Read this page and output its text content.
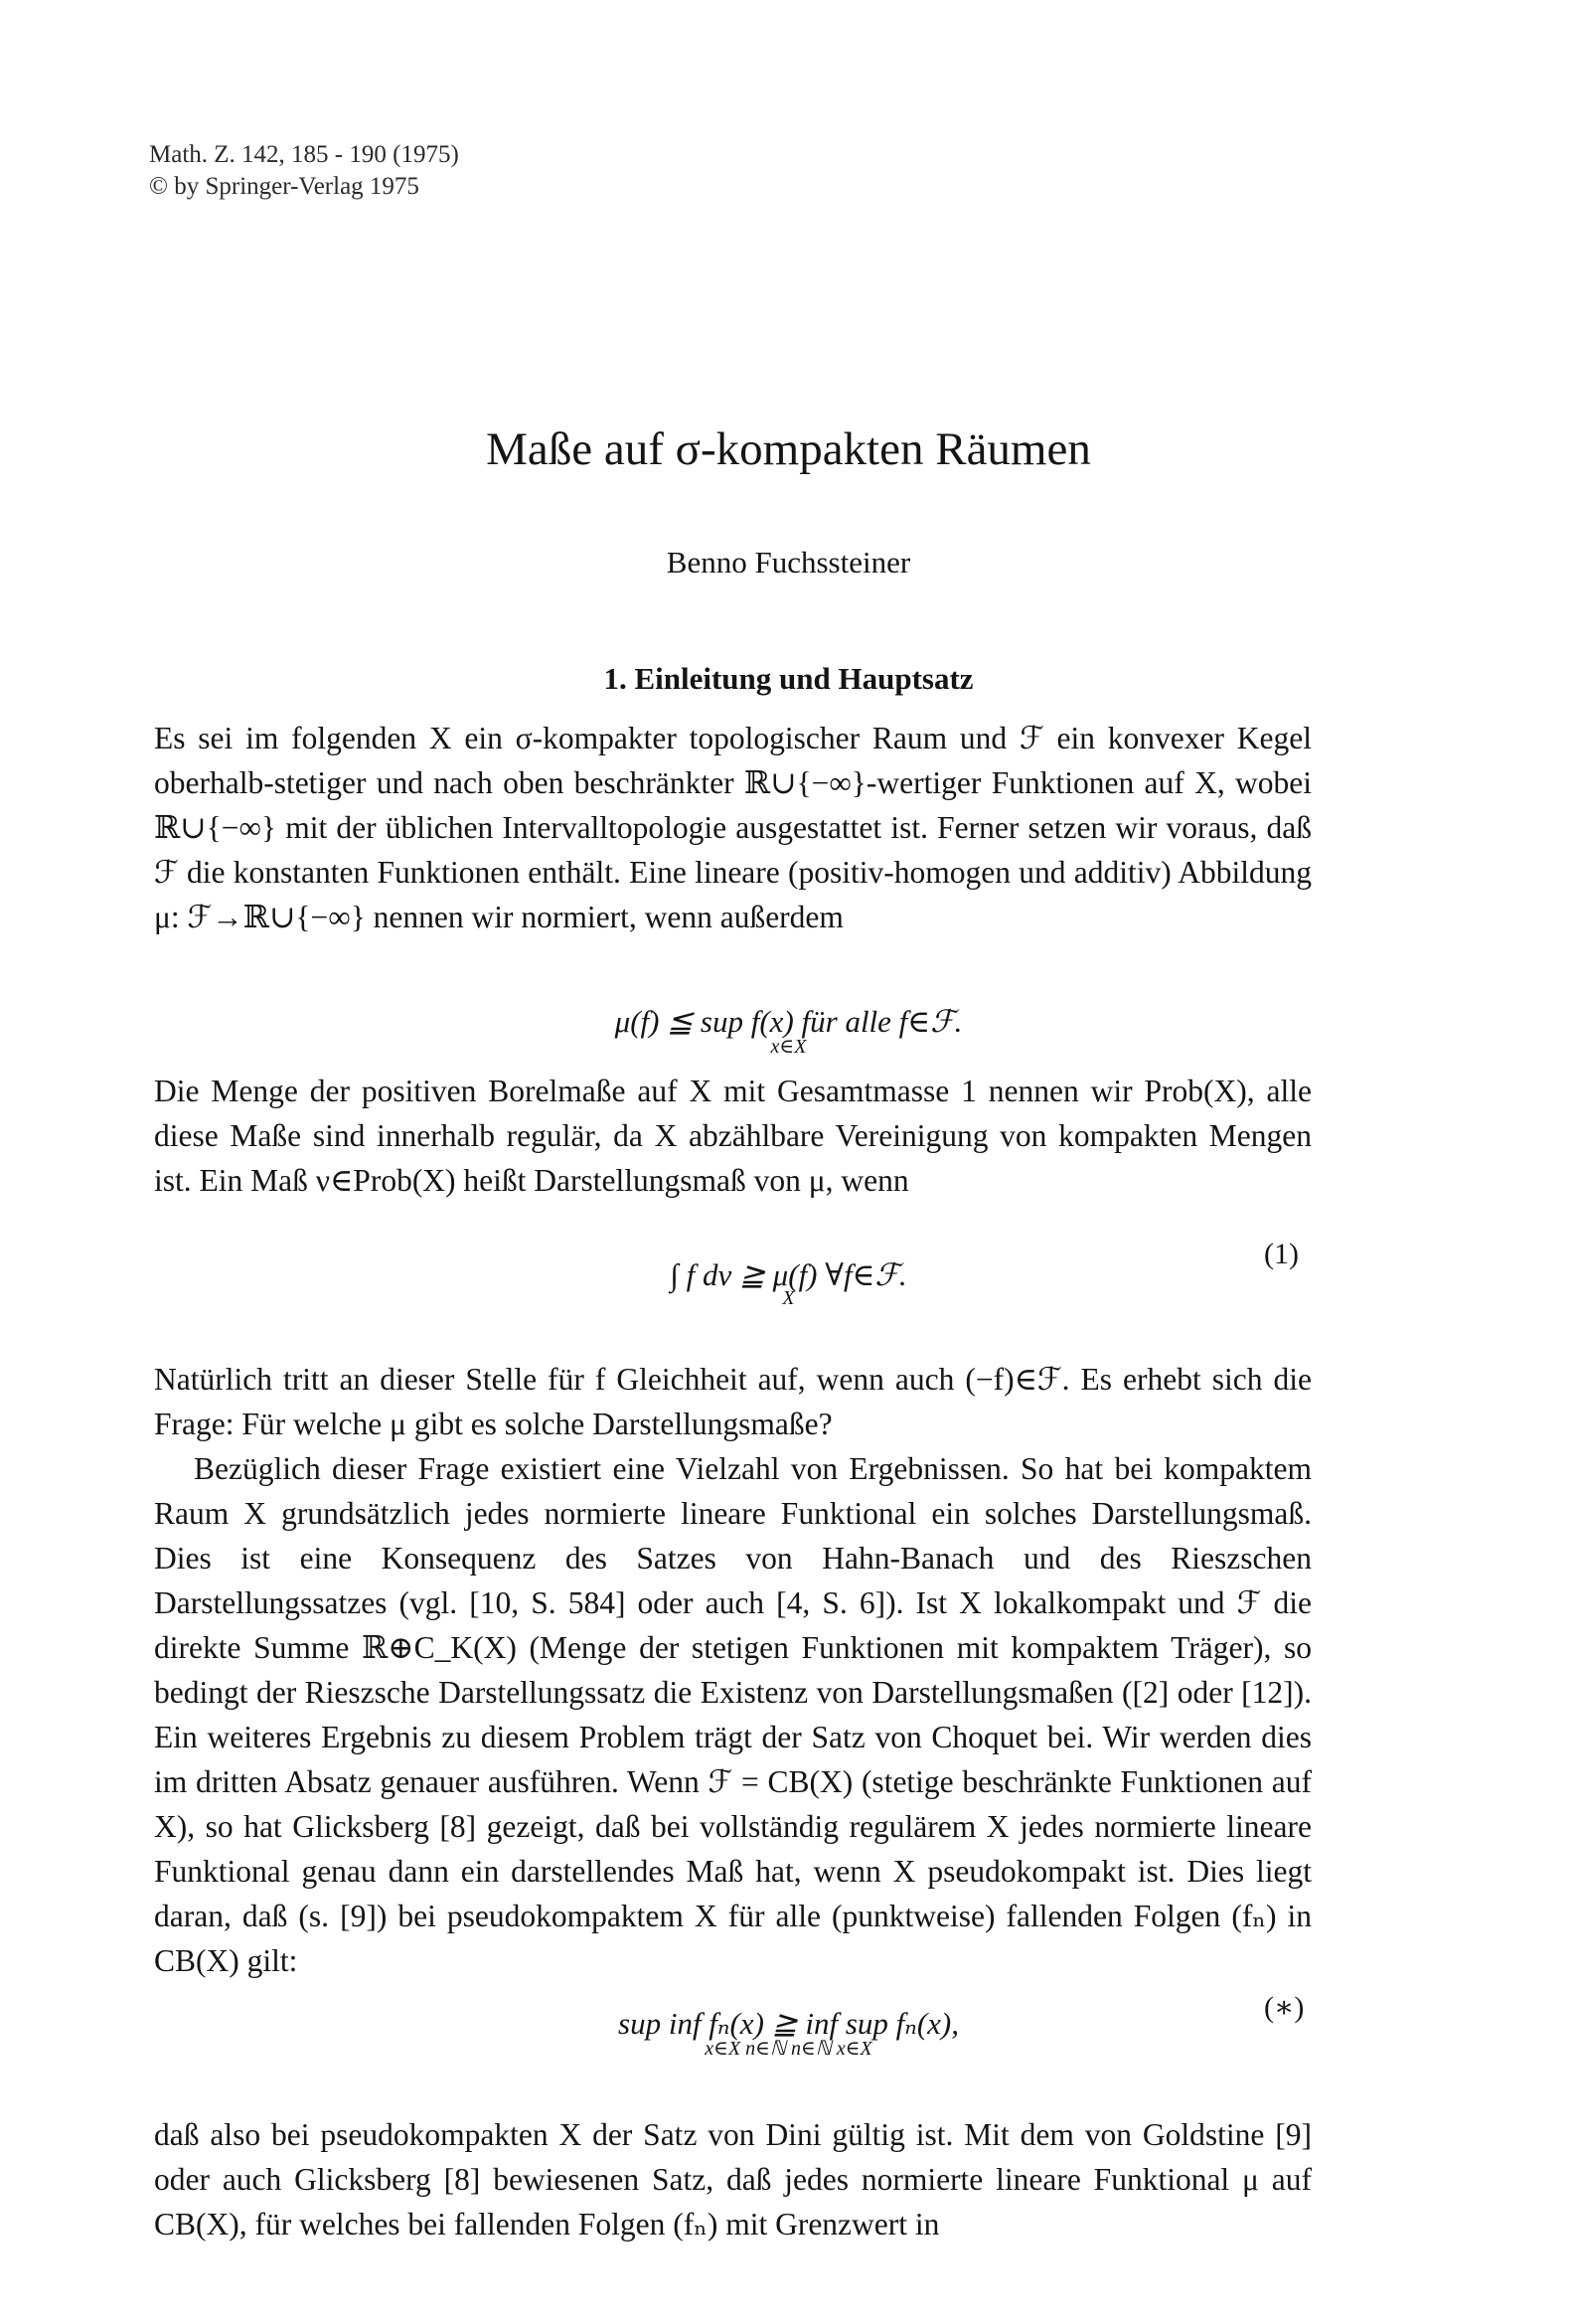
Math. Z. 142, 185 - 190 (1975)
© by Springer-Verlag 1975
Maße auf σ-kompakten Räumen
Benno Fuchssteiner
1. Einleitung und Hauptsatz

Es sei im folgenden X ein σ-kompakter topologischer Raum und ℱ ein konvexer Kegel oberhalb-stetiger und nach oben beschränkter ℝ∪{−∞}-wertiger Funktionen auf X, wobei ℝ∪{−∞} mit der üblichen Intervalltopologie ausgestattet ist. Ferner setzen wir voraus, daß ℱ die konstanten Funktionen enthält. Eine lineare (positiv-homogen und additiv) Abbildung μ: ℱ→ℝ∪{−∞} nennen wir normiert, wenn außerdem

μ(f) ≦ sup f(x) für alle f∈ℱ.
x∈X

Die Menge der positiven Borelmaße auf X mit Gesamtmasse 1 nennen wir Prob(X), alle diese Maße sind innerhalb regulär, da X abzählbare Vereinigung von kompakten Mengen ist. Ein Maß ν∈Prob(X) heißt Darstellungsmaß von μ, wenn

(1)
∫ f dν ≧ μ(f) ∀f∈ℱ.
X

Natürlich tritt an dieser Stelle für f Gleichheit auf, wenn auch (−f)∈ℱ. Es erhebt sich die Frage: Für welche μ gibt es solche Darstellungsmaße?

Bezüglich dieser Frage existiert eine Vielzahl von Ergebnissen. So hat bei kompaktem Raum X grundsätzlich jedes normierte lineare Funktional ein solches Darstellungsmaß. Dies ist eine Konsequenz des Satzes von Hahn-Banach und des Rieszschen Darstellungssatzes (vgl. [10, S. 584] oder auch [4, S. 6]). Ist X lokalkompakt und ℱ die direkte Summe ℝ⊕C_K(X) (Menge der stetigen Funktionen mit kompaktem Träger), so bedingt der Rieszsche Darstellungssatz die Existenz von Darstellungsmaßen ([2] oder [12]). Ein weiteres Ergebnis zu diesem Problem trägt der Satz von Choquet bei. Wir werden dies im dritten Absatz genauer ausführen. Wenn ℱ = CB(X) (stetige beschränkte Funktionen auf X), so hat Glicksberg [8] gezeigt, daß bei vollständig regulärem X jedes normierte lineare Funktional genau dann ein darstellendes Maß hat, wenn X pseudokompakt ist. Dies liegt daran, daß (s. [9]) bei pseudokompaktem X für alle (punktweise) fallenden Folgen (fₙ) in CB(X) gilt:

(∗)
sup inf fₙ(x) ≧ inf sup fₙ(x),
x∈X n∈ℕ n∈ℕ x∈X

daß also bei pseudokompakten X der Satz von Dini gültig ist. Mit dem von Goldstine [9] oder auch Glicksberg [8] bewiesenen Satz, daß jedes normierte lineare Funktional μ auf CB(X), für welches bei fallenden Folgen (fₙ) mit Grenzwert in
